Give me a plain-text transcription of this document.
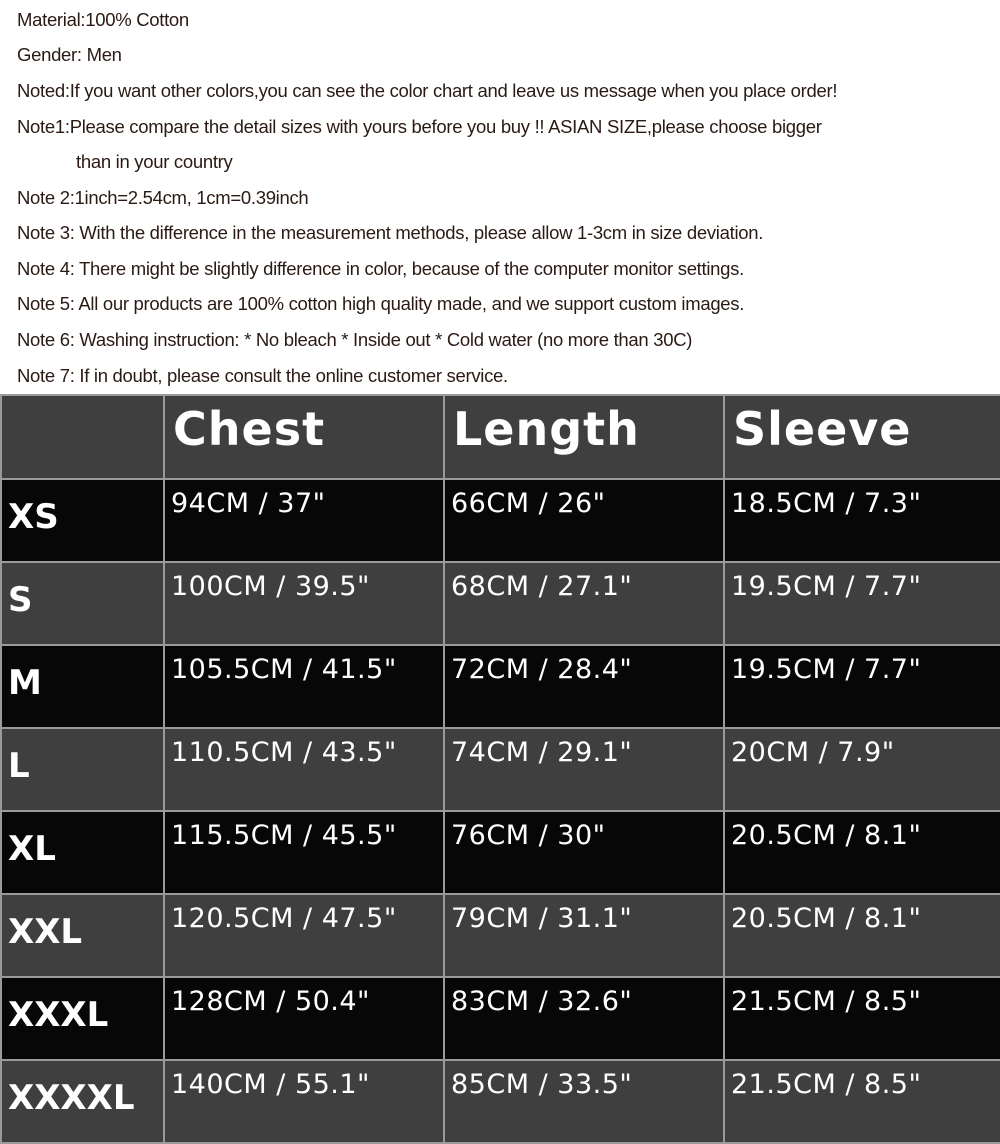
Material:100% Cotton
Gender: Men
Noted:If you want other colors,you can see the color chart and leave us message when you place order!
Note1:Please compare the detail sizes with yours before you buy !! ASIAN SIZE,please choose bigger
than in your country
Note 2:1inch=2.54cm, 1cm=0.39inch
Note 3: With the difference in the measurement methods, please allow 1-3cm in size deviation.
Note 4: There might be slightly difference in color, because of the computer monitor settings.
Note 5: All our products are 100% cotton high quality made, and we support custom images.
Note 6: Washing instruction: * No bleach * Inside out * Cold water (no more than 30C)
Note 7: If in doubt, please consult the online customer service.
	Chest	Length	Sleeve

XS	94CM / 37"	66CM / 26"	18.5CM / 7.3"

S	100CM / 39.5"	68CM / 27.1"	19.5CM / 7.7"

M	105.5CM / 41.5"	72CM / 28.4"	19.5CM / 7.7"

L	110.5CM / 43.5"	74CM / 29.1"	20CM / 7.9"

XL	115.5CM / 45.5"	76CM / 30"	20.5CM / 8.1"

XXL	120.5CM / 47.5"	79CM / 31.1"	20.5CM / 8.1"

XXXL	128CM / 50.4"	83CM / 32.6"	21.5CM / 8.5"

XXXXL	140CM / 55.1"	85CM / 33.5"	21.5CM / 8.5"
